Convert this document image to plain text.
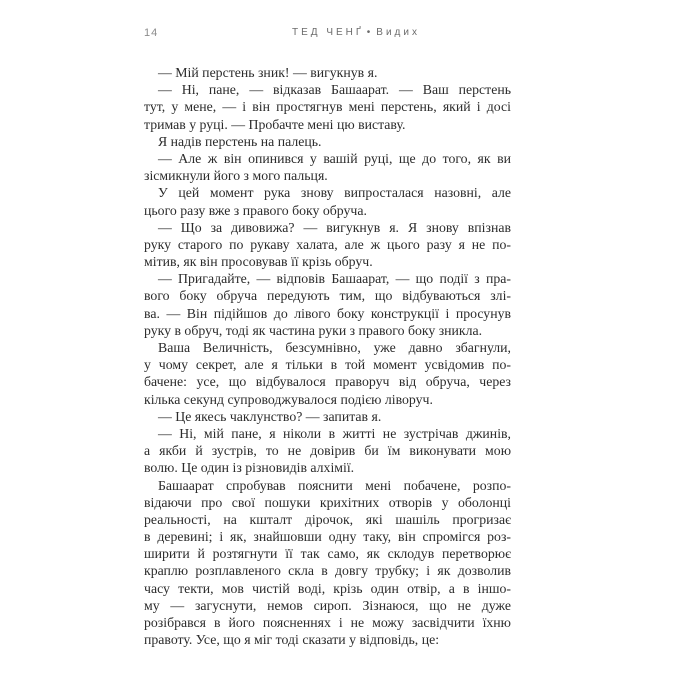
14	ТЕД ЧЕНҐ • Видих
— Мій перстень зник! — вигукнув я.
— Ні, пане, — відказав Башаарат. — Ваш перстень
тут, у мене, — і він простягнув мені перстень, який і досі
тримав у руці. — Пробачте мені цю виставу.
Я надів перстень на палець.
— Але ж він опинився у вашій руці, ще до того, як ви
зісмикнули його з мого пальця.
У цей момент рука знову випросталася назовні, але
цього разу вже з правого боку обруча.
— Що за дивовижа? — вигукнув я. Я знову впізнав
руку старого по рукаву халата, але ж цього разу я не по-
мітив, як він просовував її крізь обруч.
— Пригадайте, — відповів Башаарат, — що події з пра-
вого боку обруча передують тим, що відбуваються злі-
ва. — Він підійшов до лівого боку конструкції і просунув
руку в обруч, тоді як частина руки з правого боку зникла.
Ваша Величність, безсумнівно, уже давно збагнули,
у чому секрет, але я тільки в той момент усвідомив по-
бачене: усе, що відбувалося праворуч від обруча, через
кілька секунд супроводжувалося подією ліворуч.
— Це якесь чаклунство? — запитав я.
— Ні, мій пане, я ніколи в житті не зустрічав джинів,
а якби й зустрів, то не довірив би їм виконувати мою
волю. Це один із різновидів алхімії.
Башаарат спробував пояснити мені побачене, розпо-
відаючи про свої пошуки крихітних отворів у оболонці
реальності, на кшталт дірочок, які шашіль прогризає
в деревині; і як, знайшовши одну таку, він спромігся роз-
ширити й розтягнути її так само, як склодув перетворює
краплю розплавленого скла в довгу трубку; і як дозволив
часу текти, мов чистій воді, крізь один отвір, а в іншо-
му — загуснути, немов сироп. Зізнаюся, що не дуже
розібрався в його поясненнях і не можу засвідчити їхню
правоту. Усе, що я міг тоді сказати у відповідь, це:
